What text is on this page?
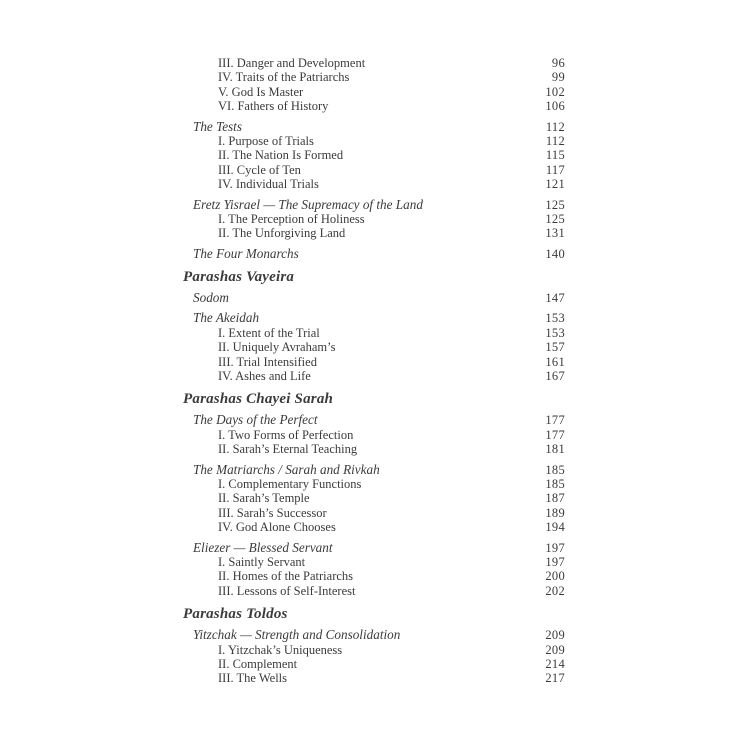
III. Danger and Development	96
IV. Traits of the Patriarchs	99
V. God Is Master	102
VI. Fathers of History	106
The Tests	112
I. Purpose of Trials	112
II. The Nation Is Formed	115
III. Cycle of Ten	117
IV. Individual Trials	121
Eretz Yisrael — The Supremacy of the Land	125
I. The Perception of Holiness	125
II. The Unforgiving Land	131
The Four Monarchs	140
Parashas Vayeira
Sodom	147
The Akeidah	153
I. Extent of the Trial	153
II. Uniquely Avraham’s	157
III. Trial Intensified	161
IV. Ashes and Life	167
Parashas Chayei Sarah
The Days of the Perfect	177
I. Two Forms of Perfection	177
II. Sarah’s Eternal Teaching	181
The Matriarchs / Sarah and Rivkah	185
I. Complementary Functions	185
II. Sarah’s Temple	187
III. Sarah’s Successor	189
IV. God Alone Chooses	194
Eliezer — Blessed Servant	197
I. Saintly Servant	197
II. Homes of the Patriarchs	200
III. Lessons of Self-Interest	202
Parashas Toldos
Yitzchak — Strength and Consolidation	209
I. Yitzchak’s Uniqueness	209
II. Complement	214
III. The Wells	217
